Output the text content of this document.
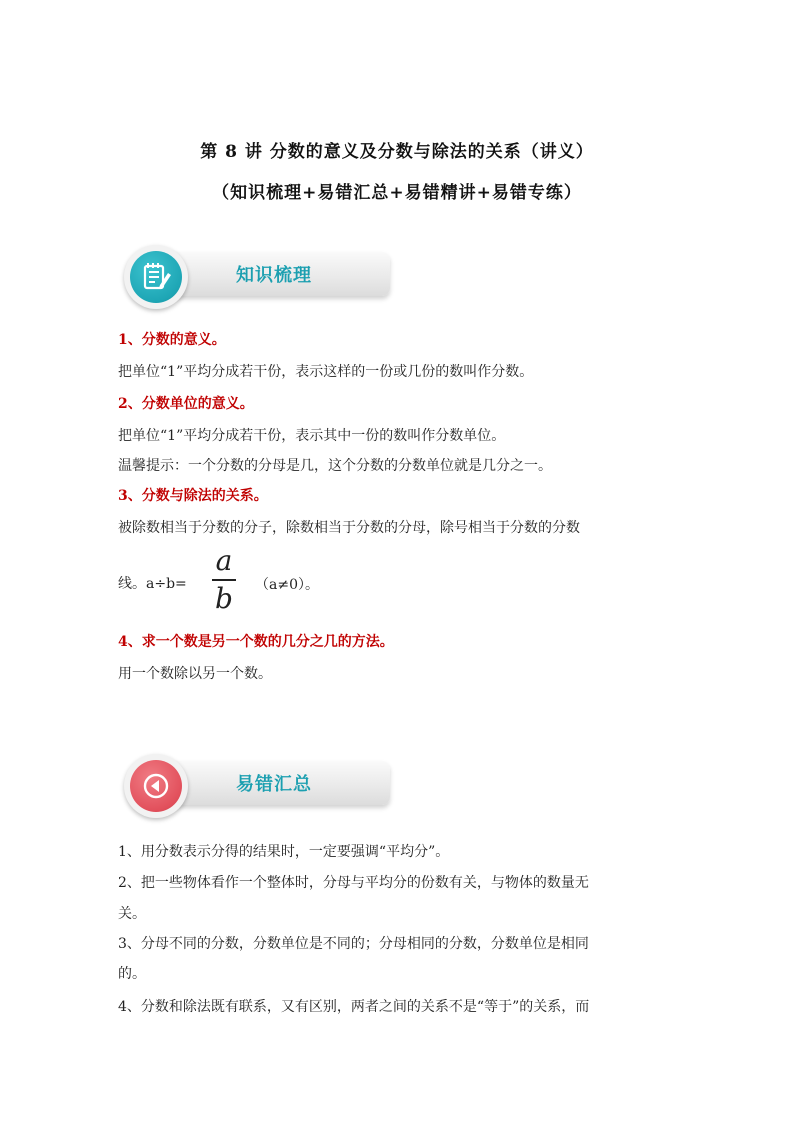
第 8 讲 分数的意义及分数与除法的关系（讲义）
（知识梳理+易错汇总+易错精讲+易错专练）
知识梳理
1、分数的意义。
把单位“1”平均分成若干份，表示这样的一份或几份的数叫作分数。
2、分数单位的意义。
把单位“1”平均分成若干份，表示其中一份的数叫作分数单位。
温馨提示：一个分数的分母是几，这个分数的分数单位就是几分之一。
3、分数与除法的关系。
被除数相当于分数的分子，除数相当于分数的分母，除号相当于分数的分数
线。a÷b=
a
b	（a≠0）。
4、求一个数是另一个数的几分之几的方法。
用一个数除以另一个数。
易错汇总
1、用分数表示分得的结果时，一定要强调“平均分”。
2、把一些物体看作一个整体时，分母与平均分的份数有关，与物体的数量无
关。
3、分母不同的分数，分数单位是不同的；分母相同的分数，分数单位是相同
的。
4、分数和除法既有联系，又有区别，两者之间的关系不是“等于”的关系，而
